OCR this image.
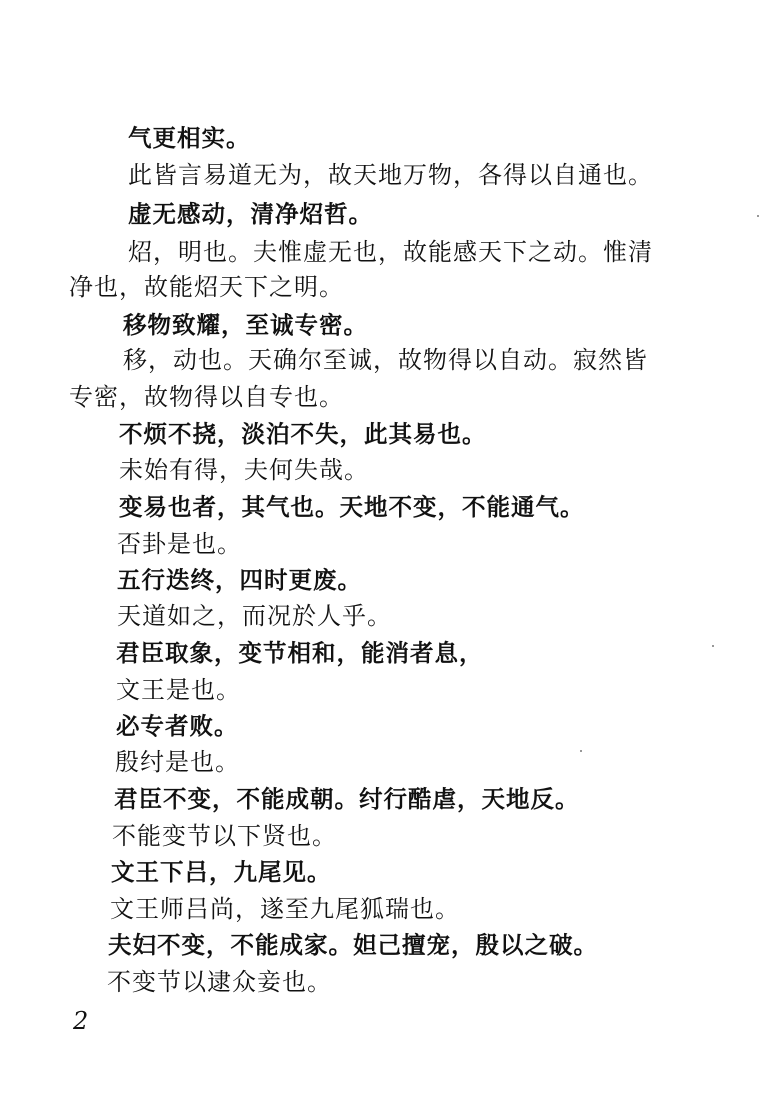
气更相实。
此皆言易道无为，故天地万物，各得以自通也。
虚无感动，清净炤哲。
炤，明也。夫惟虚无也，故能感天下之动。惟清
净也，故能炤天下之明。
移物致耀，至诚专密。
移，动也。天确尔至诚，故物得以自动。寂然皆
专密，故物得以自专也。
不烦不挠，淡泊不失，此其易也。
未始有得，夫何失哉。
变易也者，其气也。天地不变，不能通气。
否卦是也。
五行迭终，四时更废。
天道如之，而况於人乎。
君臣取象，变节相和，能消者息，
文王是也。
必专者败。
殷纣是也。
君臣不变，不能成朝。纣行酷虐，天地反。
不能变节以下贤也。
文王下吕，九尾见。
文王师吕尚，遂至九尾狐瑞也。
夫妇不变，不能成家。妲己擅宠，殷以之破。
不变节以逮众妾也。
2
